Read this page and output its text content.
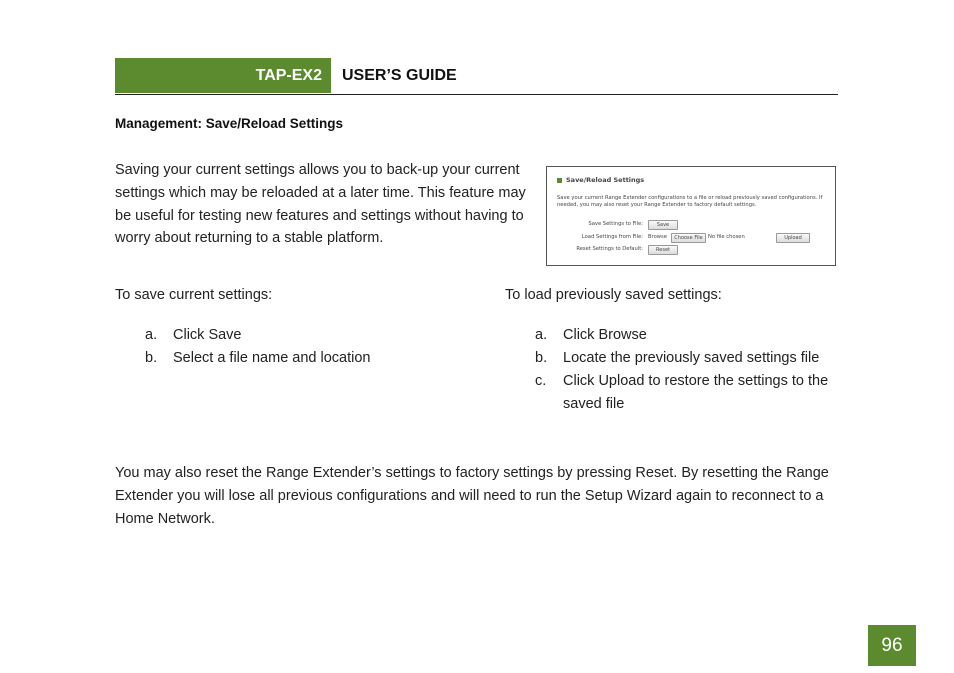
TAP-EX2 USER’S GUIDE
Management: Save/Reload Settings
Saving your current settings allows you to back-up your current settings which may be reloaded at a later time. This feature may be useful for testing new features and settings without having to worry about returning to a stable platform.
Save/Reload Settings
Save your current Range Extender configurations to a file or reload previously saved configurations. If needed, you may also reset your Range Extender to factory default settings.
Save Settings to File:	Save
Load Settings from File: Browse	Choose File	No file chosen	Upload
Reset Settings to Default:	Reset
To save current settings:
a. Click Save
b. Select a file name and location
To load previously saved settings:
a. Click Browse
b. Locate the previously saved settings file
c. Click Upload to restore the settings to the saved file
You may also reset the Range Extender’s settings to factory settings by pressing Reset. By resetting the Range Extender you will lose all previous configurations and will need to run the Setup Wizard again to reconnect to a Home Network.
96
